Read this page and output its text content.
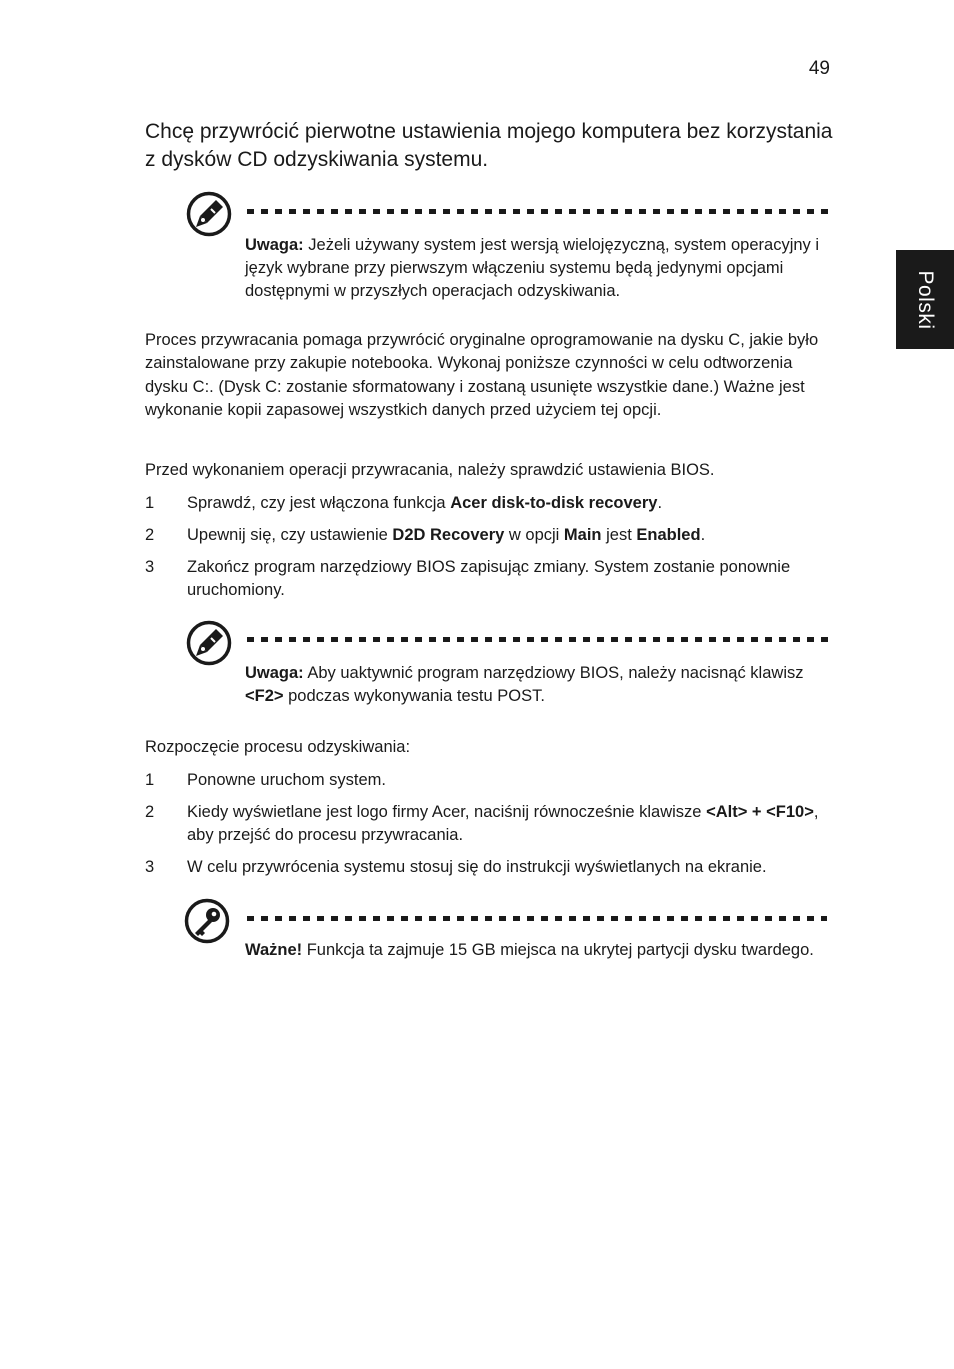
49
Polski
Chcę przywrócić pierwotne ustawienia mojego komputera bez korzystania z dysków CD odzyskiwania systemu.
Uwaga: Jeżeli używany system jest wersją wielojęzyczną, system operacyjny i język wybrane przy pierwszym włączeniu systemu będą jedynymi opcjami dostępnymi w przyszłych operacjach odzyskiwania.
Proces przywracania pomaga przywrócić oryginalne oprogramowanie na dysku C, jakie było zainstalowane przy zakupie notebooka. Wykonaj poniższe czynności w celu odtworzenia dysku C:. (Dysk C: zostanie sformatowany i zostaną usunięte wszystkie dane.) Ważne jest wykonanie kopii zapasowej wszystkich danych przed użyciem tej opcji.
Przed wykonaniem operacji przywracania, należy sprawdzić ustawienia BIOS.
1	Sprawdź, czy jest włączona funkcja Acer disk-to-disk recovery.
2	Upewnij się, czy ustawienie D2D Recovery w opcji Main jest Enabled.
3	Zakończ program narzędziowy BIOS zapisując zmiany. System zostanie ponownie uruchomiony.
Uwaga: Aby uaktywnić program narzędziowy BIOS, należy nacisnąć klawisz <F2> podczas wykonywania testu POST.
Rozpoczęcie procesu odzyskiwania:
1	Ponowne uruchom system.
2	Kiedy wyświetlane jest logo firmy Acer, naciśnij równocześnie klawisze <Alt> + <F10>, aby przejść do procesu przywracania.
3	W celu przywrócenia systemu stosuj się do instrukcji wyświetlanych na ekranie.
Ważne! Funkcja ta zajmuje 15 GB miejsca na ukrytej partycji dysku twardego.
